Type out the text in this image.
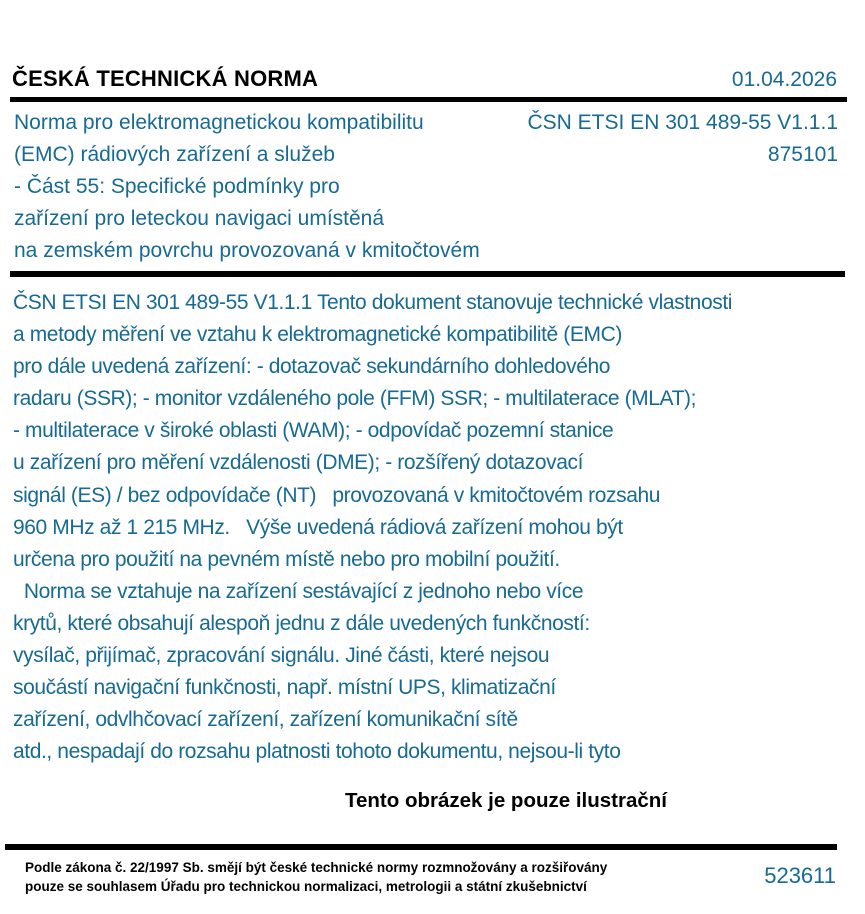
ČESKÁ TECHNICKÁ NORMA	01.04.2026
Norma pro elektromagnetickou kompatibilitu
(EMC) rádiových zařízení a služeb
- Část 55: Specifické podmínky pro
zařízení pro leteckou navigaci umístěná
na zemském povrchu provozovaná v kmitočtovém
ČSN ETSI EN 301 489-55 V1.1.1
875101
ČSN ETSI EN 301 489-55 V1.1.1 Tento dokument stanovuje technické vlastnosti
a metody měření ve vztahu k elektromagnetické kompatibilitě (EMC)
pro dále uvedená zařízení: - dotazovač sekundárního dohledového
radaru (SSR); - monitor vzdáleného pole (FFM) SSR; - multilaterace (MLAT);
- multilaterace v široké oblasti (WAM); - odpovídač pozemní stanice
u zařízení pro měření vzdálenosti (DME); - rozšířený dotazovací
signál (ES) / bez odpovídače (NT)   provozovaná v kmitočtovém rozsahu
960 MHz až 1 215 MHz.   Výše uvedená rádiová zařízení mohou být
určena pro použití na pevném místě nebo pro mobilní použití.
Norma se vztahuje na zařízení sestávající z jednoho nebo více
krytů, které obsahují alespoň jednu z dále uvedených funkčností:
vysílač, přijímač, zpracování signálu. Jiné části, které nejsou
součástí navigační funkčnosti, např. místní UPS, klimatizační
zařízení, odvlhčovací zařízení, zařízení komunikační sítě
atd., nespadají do rozsahu platnosti tohoto dokumentu, nejsou-li tyto
Tento obrázek je pouze ilustrační
Podle zákona č. 22/1997 Sb. smějí být české technické normy rozmnožovány a rozšiřovány
pouze se souhlasem Úřadu pro technickou normalizaci, metrologii a státní zkušebnictví	523611
